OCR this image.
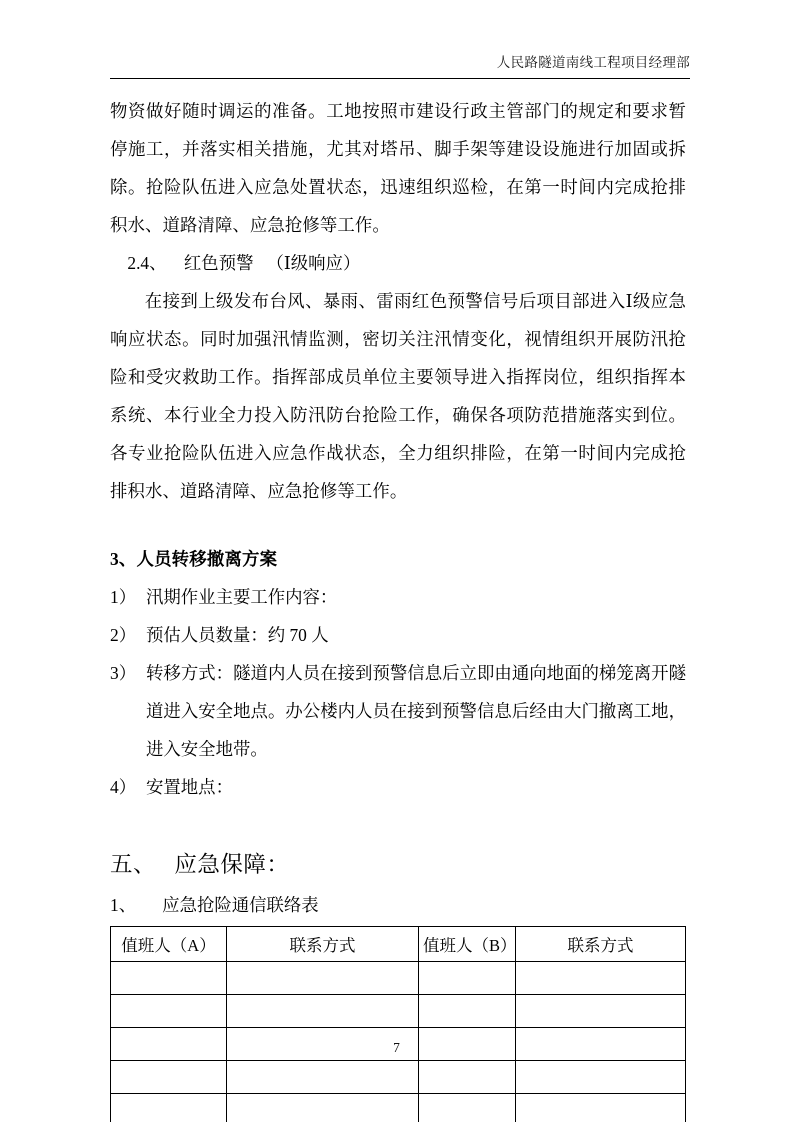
人民路隧道南线工程项目经理部

物资做好随时调运的准备。工地按照市建设行政主管部门的规定和要求暂停施工，并落实相关措施，尤其对塔吊、脚手架等建设设施进行加固或拆除。抢险队伍进入应急处置状态，迅速组织巡检，在第一时间内完成抢排积水、道路清障、应急抢修等工作。

2.4、    红色预警   （Ⅰ级响应）

在接到上级发布台风、暴雨、雷雨红色预警信号后项目部进入Ⅰ级应急响应状态。同时加强汛情监测，密切关注汛情变化，视情组织开展防汛抢险和受灾救助工作。指挥部成员单位主要领导进入指挥岗位，组织指挥本系统、本行业全力投入防汛防台抢险工作，确保各项防范措施落实到位。各专业抢险队伍进入应急作战状态，全力组织排险，在第一时间内完成抢排积水、道路清障、应急抢修等工作。

3、人员转移撤离方案
1） 汛期作业主要工作内容：
2） 预估人员数量：约 70 人
3） 转移方式：隧道内人员在接到预警信息后立即由通向地面的梯笼离开隧道进入安全地点。办公楼内人员在接到预警信息后经由大门撤离工地，进入安全地带。
4） 安置地点：
五、   应急保障：

1、      应急抢险通信联络表

值班人（A）	联系方式	值班人（B）	联系方式

7
